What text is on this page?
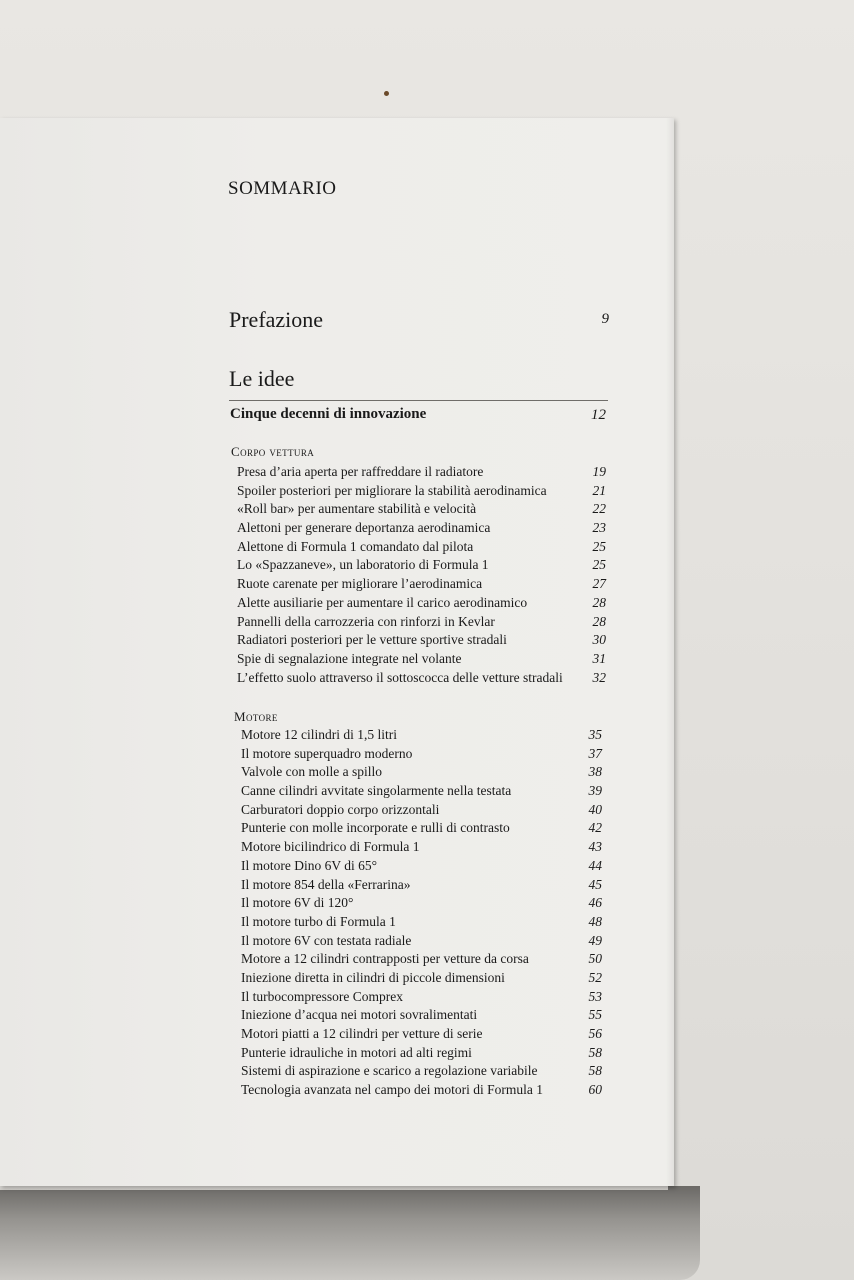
SOMMARIO
Prefazione	9
Le idee
Cinque decenni di innovazione	12
Corpo vettura
Presa d’aria aperta per raffreddare il radiatore	19
Spoiler posteriori per migliorare la stabilità aerodinamica	21
«Roll bar» per aumentare stabilità e velocità	22
Alettoni per generare deportanza aerodinamica	23
Alettone di Formula 1 comandato dal pilota	25
Lo «Spazzaneve», un laboratorio di Formula 1	25
Ruote carenate per migliorare l’aerodinamica	27
Alette ausiliarie per aumentare il carico aerodinamico	28
Pannelli della carrozzeria con rinforzi in Kevlar	28
Radiatori posteriori per le vetture sportive stradali	30
Spie di segnalazione integrate nel volante	31
L’effetto suolo attraverso il sottoscocca delle vetture stradali 32
Motore
Motore 12 cilindri di 1,5 litri	35
Il motore superquadro moderno	37
Valvole con molle a spillo	38
Canne cilindri avvitate singolarmente nella testata	39
Carburatori doppio corpo orizzontali	40
Punterie con molle incorporate e rulli di contrasto	42
Motore bicilindrico di Formula 1	43
Il motore Dino 6V di 65°	44
Il motore 854 della «Ferrarina»	45
Il motore 6V di 120°	46
Il motore turbo di Formula 1	48
Il motore 6V con testata radiale	49
Motore a 12 cilindri contrapposti per vetture da corsa	50
Iniezione diretta in cilindri di piccole dimensioni	52
Il turbocompressore Comprex	53
Iniezione d’acqua nei motori sovralimentati	55
Motori piatti a 12 cilindri per vetture di serie	56
Punterie idrauliche in motori ad alti regimi	58
Sistemi di aspirazione e scarico a regolazione variabile	58
Tecnologia avanzata nel campo dei motori di Formula 1	60
